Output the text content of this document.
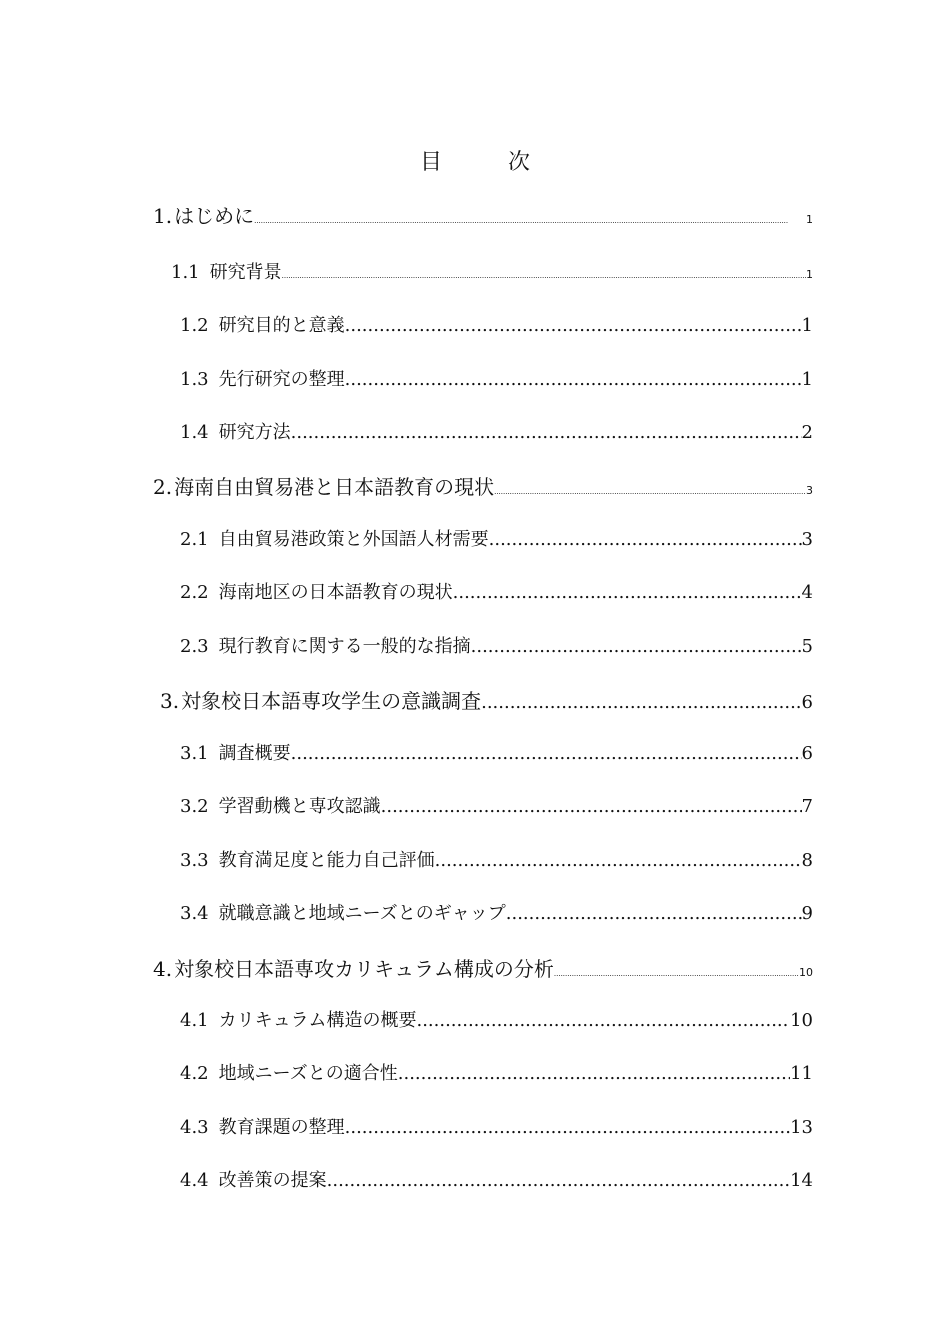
目　次
1. はじめに .....	1
1.1 研究背景 .....	1
1.2 研究目的と意義 .....	1
1.3 先行研究の整理 .....	1
1.4 研究方法 .....	2
2. 海南自由貿易港と日本語教育の現状 .....	3
2.1 自由貿易港政策と外国語人材需要 .....	3
2.2 海南地区の日本語教育の現状 .....	4
2.3 現行教育に関する一般的な指摘 .....	5
3. 対象校日本語専攻学生の意識調査 .....	6
3.1 調査概要 .....	6
3.2 学習動機と専攻認識 .....	7
3.3 教育満足度と能力自己評価 .....	8
3.4 就職意識と地域ニーズとのギャップ .....	9
4. 対象校日本語専攻カリキュラム構成の分析 .....	10
4.1 カリキュラム構造の概要 .....	10
4.2 地域ニーズとの適合性 .....	11
4.3 教育課題の整理 .....	13
4.4 改善策の提案 .....	14
